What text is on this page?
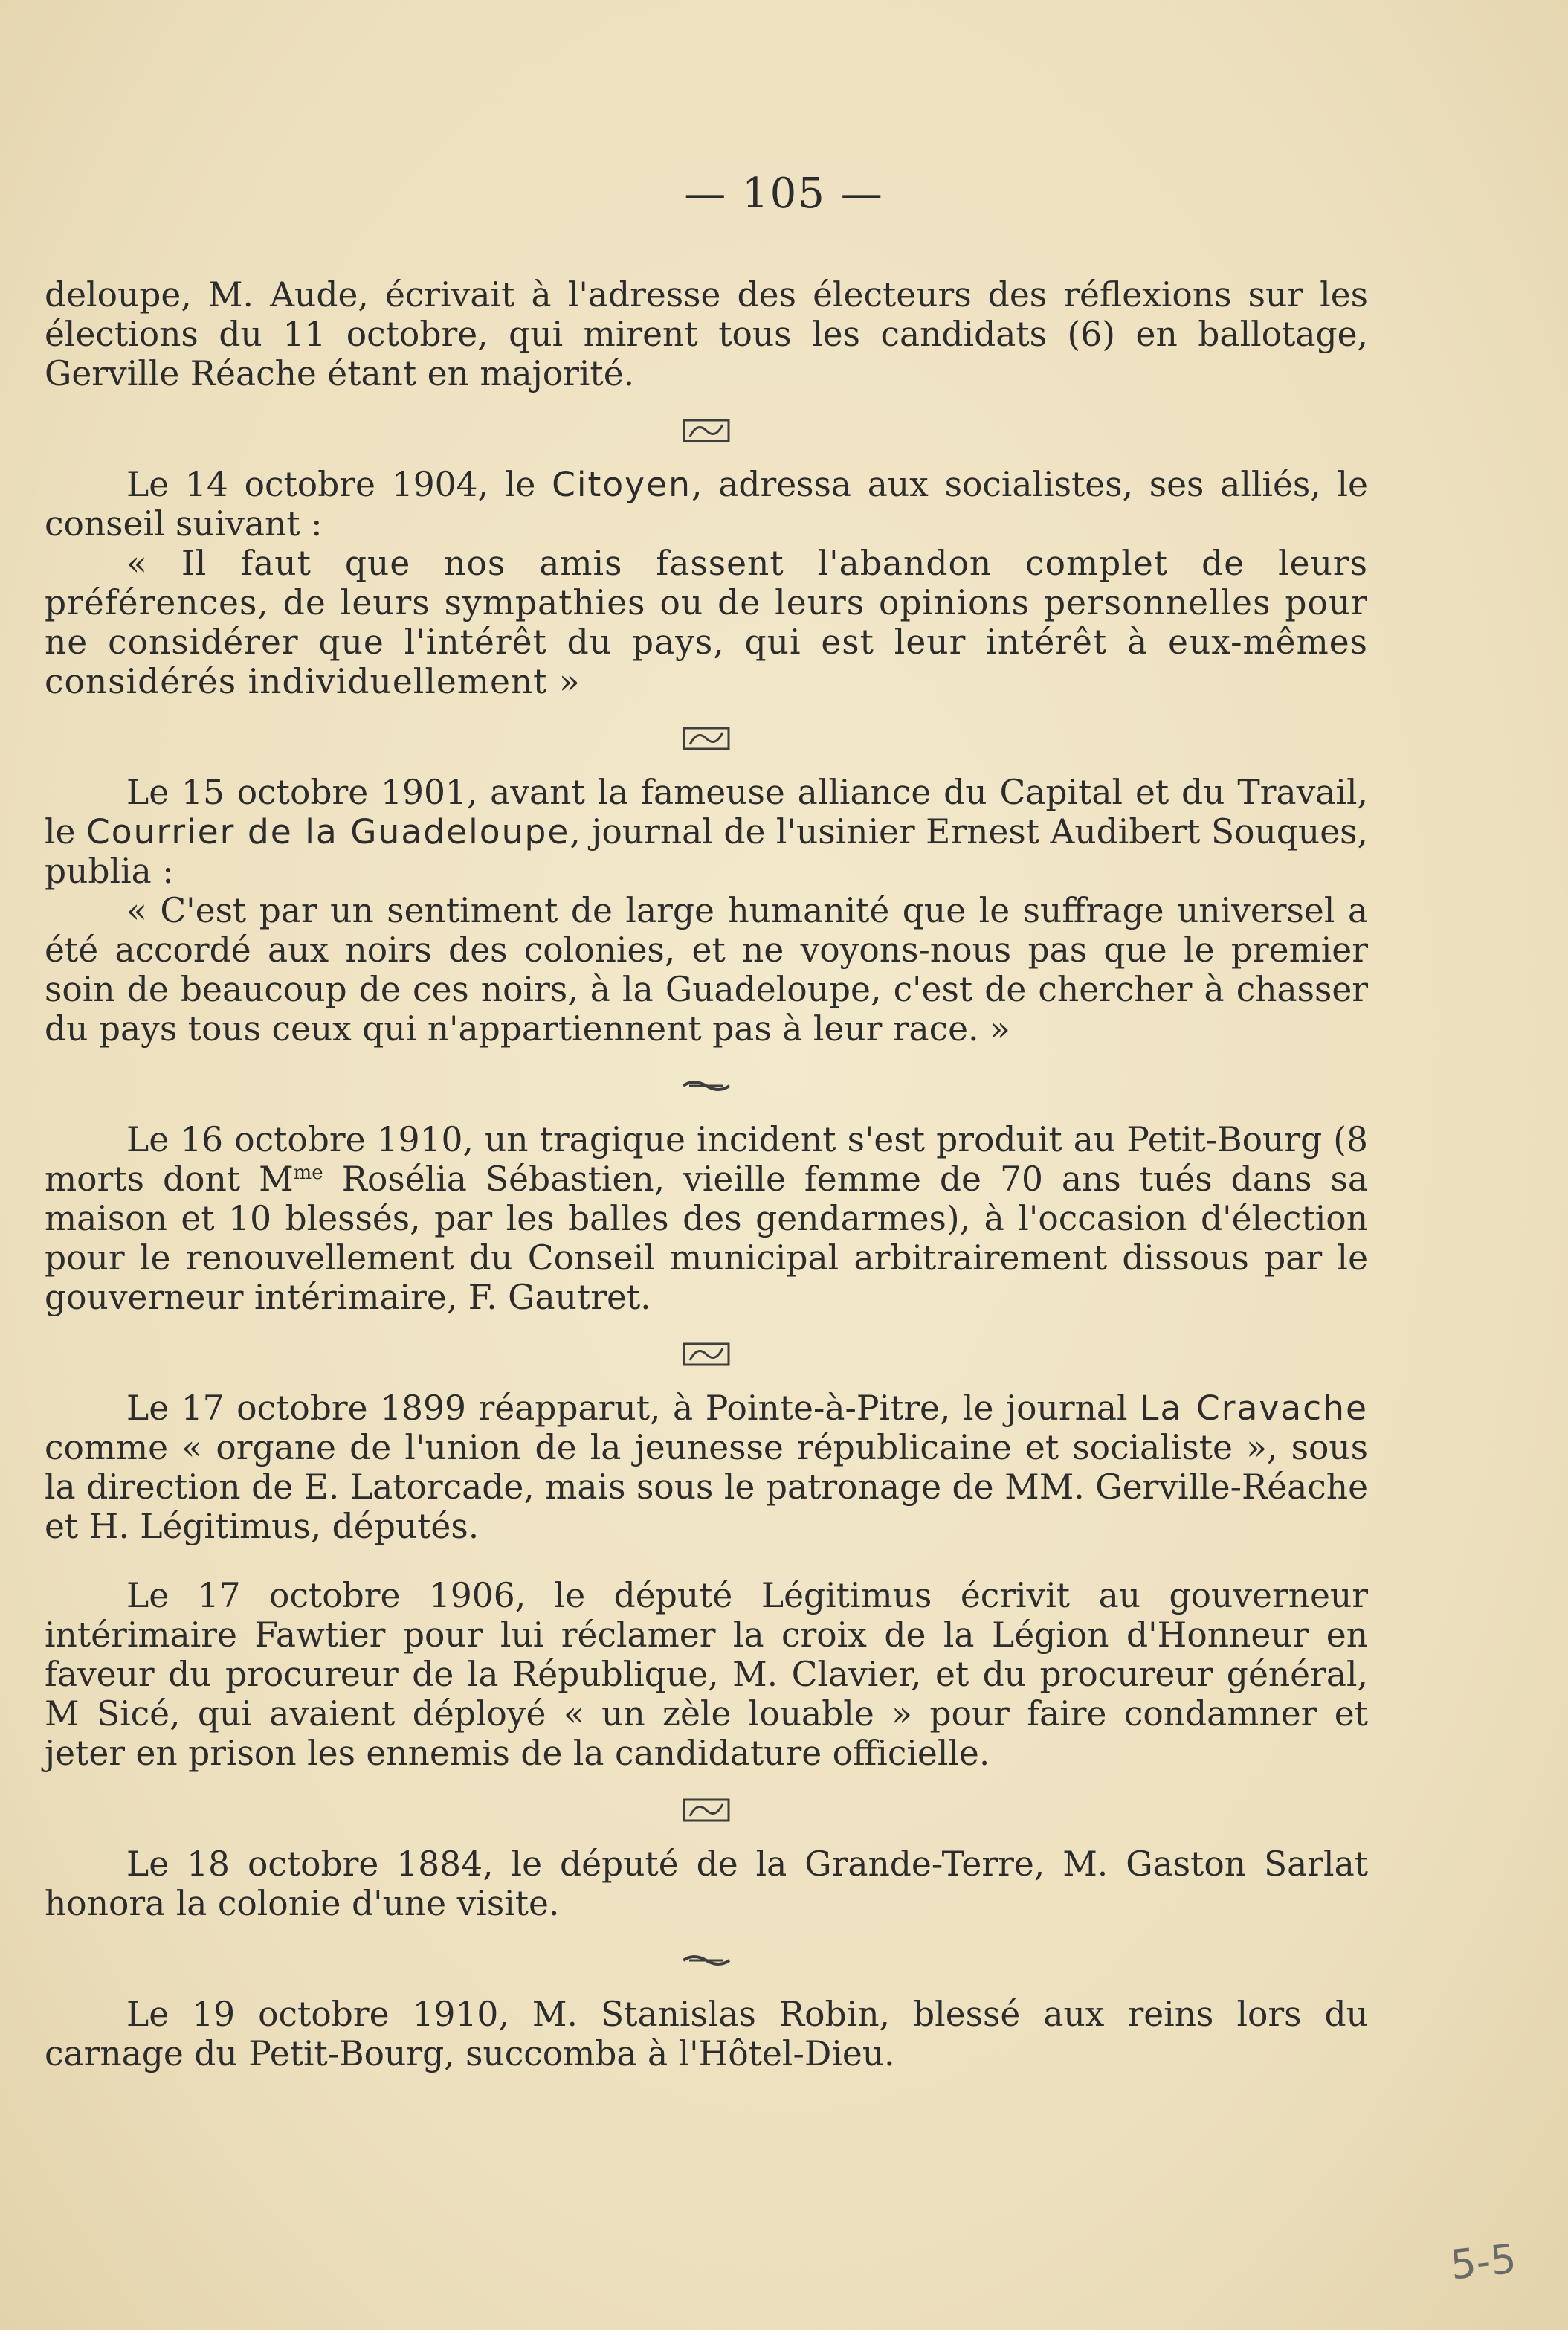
— 105 —

deloupe, M. Aude, écrivait à l'adresse des électeurs des réflexions sur les élections du 11 octobre, qui mirent tous les candidats (6) en ballotage, Gerville Réache étant en majorité.

Le 14 octobre 1904, le Citoyen, adressa aux socialistes, ses alliés, le conseil suivant :

« Il faut que nos amis fassent l'abandon complet de leurs préférences, de leurs sympathies ou de leurs opinions personnelles pour ne considérer que l'intérêt du pays, qui est leur intérêt à eux-mêmes considérés individuellement »

Le 15 octobre 1901, avant la fameuse alliance du Capital et du Travail, le Courrier de la Guadeloupe, journal de l'usinier Ernest Audibert Souques, publia :

« C'est par un sentiment de large humanité que le suffrage universel a été accordé aux noirs des colonies, et ne voyons-nous pas que le premier soin de beaucoup de ces noirs, à la Guadeloupe, c'est de chercher à chasser du pays tous ceux qui n'appartiennent pas à leur race. »

Le 16 octobre 1910, un tragique incident s'est produit au Petit-Bourg (8 morts dont $M^{me}$ Rosélia Sébastien, vieille femme de 70 ans tués dans sa maison et 10 blessés, par les balles des gendarmes), à l'occasion d'élection pour le renouvellement du Conseil municipal arbitrairement dissous par le gouverneur intérimaire, F. Gautret.

Le 17 octobre 1899 réapparut, à Pointe-à-Pitre, le journal La Cravache comme « organe de l'union de la jeunesse républicaine et socialiste », sous la direction de E. Latorcade, mais sous le patronage de MM. Gerville-Réache et H. Légitimus, députés.

Le 17 octobre 1906, le député Légitimus écrivit au gouverneur intérimaire Fawtier pour lui réclamer la croix de la Légion d'Honneur en faveur du procureur de la République, M. Clavier, et du procureur général, M Sicé, qui avaient déployé « un zèle louable » pour faire condamner et jeter en prison les ennemis de la candidature officielle.

Le 18 octobre 1884, le député de la Grande-Terre, M. Gaston Sarlat honora la colonie d'une visite.

Le 19 octobre 1910, M. Stanislas Robin, blessé aux reins lors du carnage du Petit-Bourg, succomba à l'Hôtel-Dieu.

5-5
